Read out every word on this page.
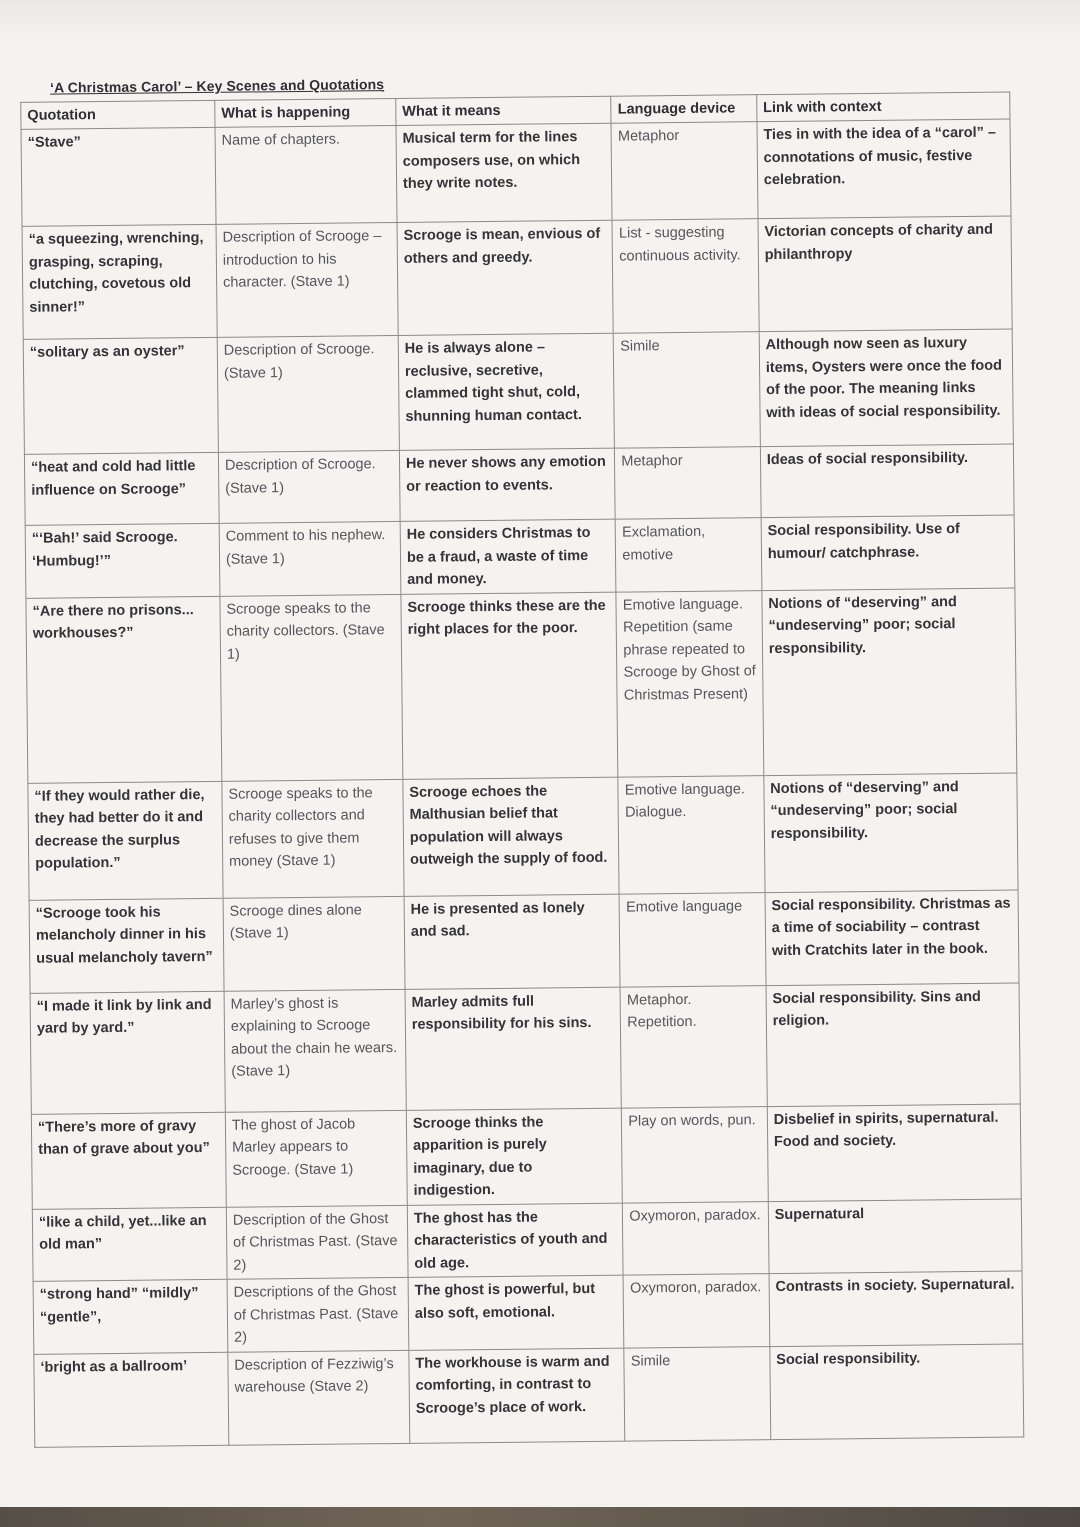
‘A Christmas Carol’ – Key Scenes and Quotations
Quotation	What is happening	What it means	Language device	Link with context
“Stave”	Name of chapters.	Musical term for the lines composers use, on which they write notes.	Metaphor	Ties in with the idea of a “carol” – connotations of music, festive celebration.
“a squeezing, wrenching, grasping, scraping, clutching, covetous old sinner!”	Description of Scrooge – introduction to his character. (Stave 1)	Scrooge is mean, envious of others and greedy.	List - suggesting continuous activity.	Victorian concepts of charity and philanthropy
“solitary as an oyster”	Description of Scrooge. (Stave 1)	He is always alone – reclusive, secretive, clammed tight shut, cold, shunning human contact.	Simile	Although now seen as luxury items, Oysters were once the food of the poor. The meaning links with ideas of social responsibility.
“heat and cold had little influence on Scrooge”	Description of Scrooge. (Stave 1)	He never shows any emotion or reaction to events.	Metaphor	Ideas of social responsibility.
“‘Bah!’ said Scrooge. ‘Humbug!’”	Comment to his nephew. (Stave 1)	He considers Christmas to be a fraud, a waste of time and money.	Exclamation, emotive	Social responsibility. Use of humour/ catchphrase.
“Are there no prisons... workhouses?”	Scrooge speaks to the charity collectors. (Stave 1)	Scrooge thinks these are the right places for the poor.	Emotive language. Repetition (same phrase repeated to Scrooge by Ghost of Christmas Present)	Notions of “deserving” and “undeserving” poor; social responsibility.
“If they would rather die, they had better do it and decrease the surplus population.”	Scrooge speaks to the charity collectors and refuses to give them money (Stave 1)	Scrooge echoes the Malthusian belief that population will always outweigh the supply of food.	Emotive language. Dialogue.	Notions of “deserving” and “undeserving” poor; social responsibility.
“Scrooge took his melancholy dinner in his usual melancholy tavern”	Scrooge dines alone (Stave 1)	He is presented as lonely and sad.	Emotive language	Social responsibility. Christmas as a time of sociability – contrast with Cratchits later in the book.
“I made it link by link and yard by yard.”	Marley’s ghost is explaining to Scrooge about the chain he wears. (Stave 1)	Marley admits full responsibility for his sins.	Metaphor. Repetition.	Social responsibility. Sins and religion.
“There’s more of gravy than of grave about you”	The ghost of Jacob Marley appears to Scrooge. (Stave 1)	Scrooge thinks the apparition is purely imaginary, due to indigestion.	Play on words, pun.	Disbelief in spirits, supernatural. Food and society.
“like a child, yet...like an old man”	Description of the Ghost of Christmas Past. (Stave 2)	The ghost has the characteristics of youth and old age.	Oxymoron, paradox.	Supernatural
“strong hand” “mildly” “gentle”,	Descriptions of the Ghost of Christmas Past. (Stave 2)	The ghost is powerful, but also soft, emotional.	Oxymoron, paradox.	Contrasts in society. Supernatural.
‘bright as a ballroom’	Description of Fezziwig’s warehouse (Stave 2)	The workhouse is warm and comforting, in contrast to Scrooge’s place of work.	Simile	Social responsibility.
